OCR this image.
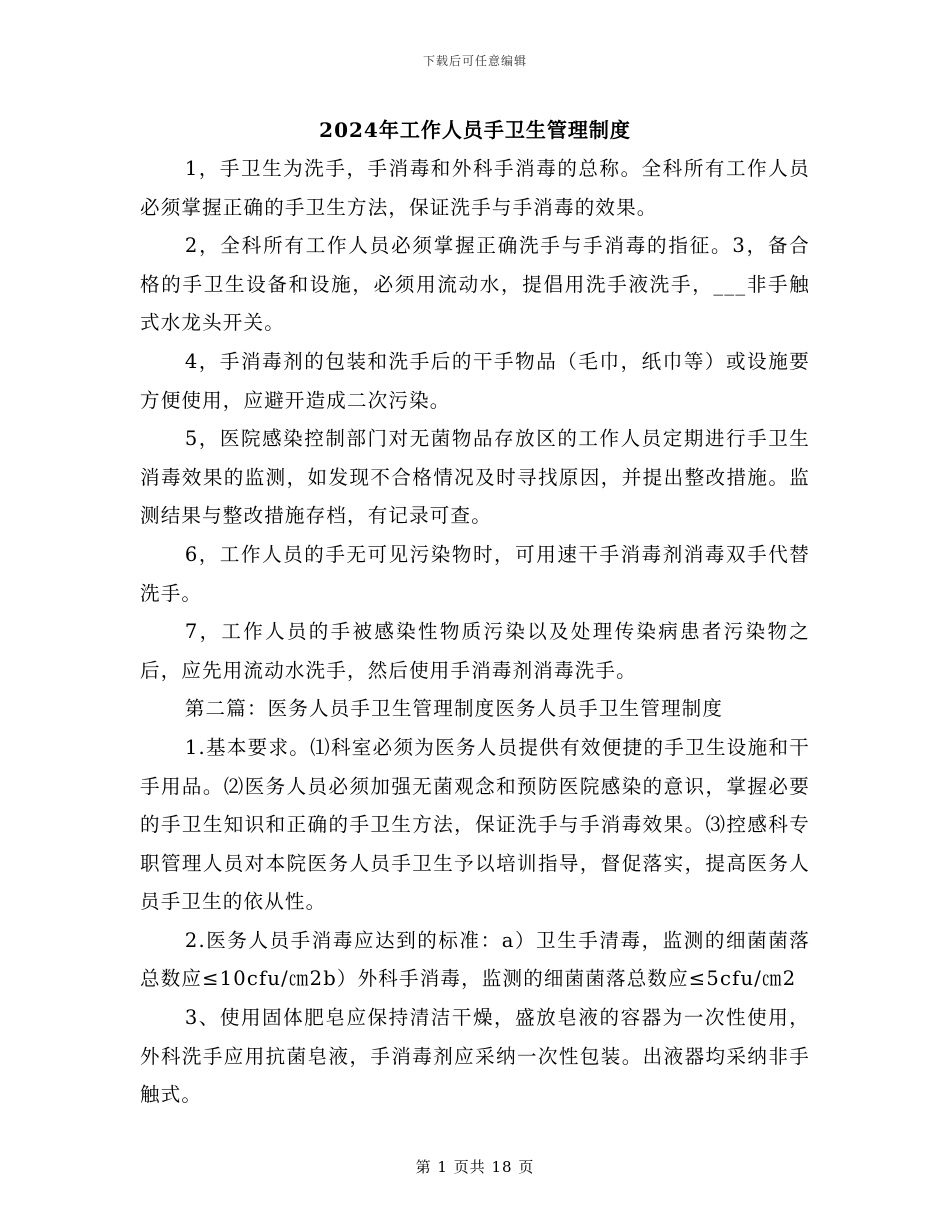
下载后可任意编辑
2024年工作人员手卫生管理制度

1，手卫生为洗手，手消毒和外科手消毒的总称。全科所有工作人员必须掌握正确的手卫生方法，保证洗手与手消毒的效果。

2，全科所有工作人员必须掌握正确洗手与手消毒的指征。3，备合格的手卫生设备和设施，必须用流动水，提倡用洗手液洗手，___非手触式水龙头开关。

4，手消毒剂的包装和洗手后的干手物品（毛巾，纸巾等）或设施要方便使用，应避开造成二次污染。

5，医院感染控制部门对无菌物品存放区的工作人员定期进行手卫生消毒效果的监测，如发现不合格情况及时寻找原因，并提出整改措施。监测结果与整改措施存档，有记录可查。

6，工作人员的手无可见污染物时，可用速干手消毒剂消毒双手代替洗手。

7，工作人员的手被感染性物质污染以及处理传染病患者污染物之后，应先用流动水洗手，然后使用手消毒剂消毒洗手。

第二篇：医务人员手卫生管理制度医务人员手卫生管理制度

1.基本要求。⑴科室必须为医务人员提供有效便捷的手卫生设施和干手用品。⑵医务人员必须加强无菌观念和预防医院感染的意识，掌握必要的手卫生知识和正确的手卫生方法，保证洗手与手消毒效果。⑶控感科专职管理人员对本院医务人员手卫生予以培训指导，督促落实，提高医务人员手卫生的依从性。

2.医务人员手消毒应达到的标准：a）卫生手清毒，监测的细菌菌落总数应≤10cfu/㎝2b）外科手消毒，监测的细菌菌落总数应≤5cfu/㎝2

3、使用固体肥皂应保持清洁干燥，盛放皂液的容器为一次性使用，外科洗手应用抗菌皂液，手消毒剂应采纳一次性包装。出液器均采纳非手触式。

第 1 页共 18 页
